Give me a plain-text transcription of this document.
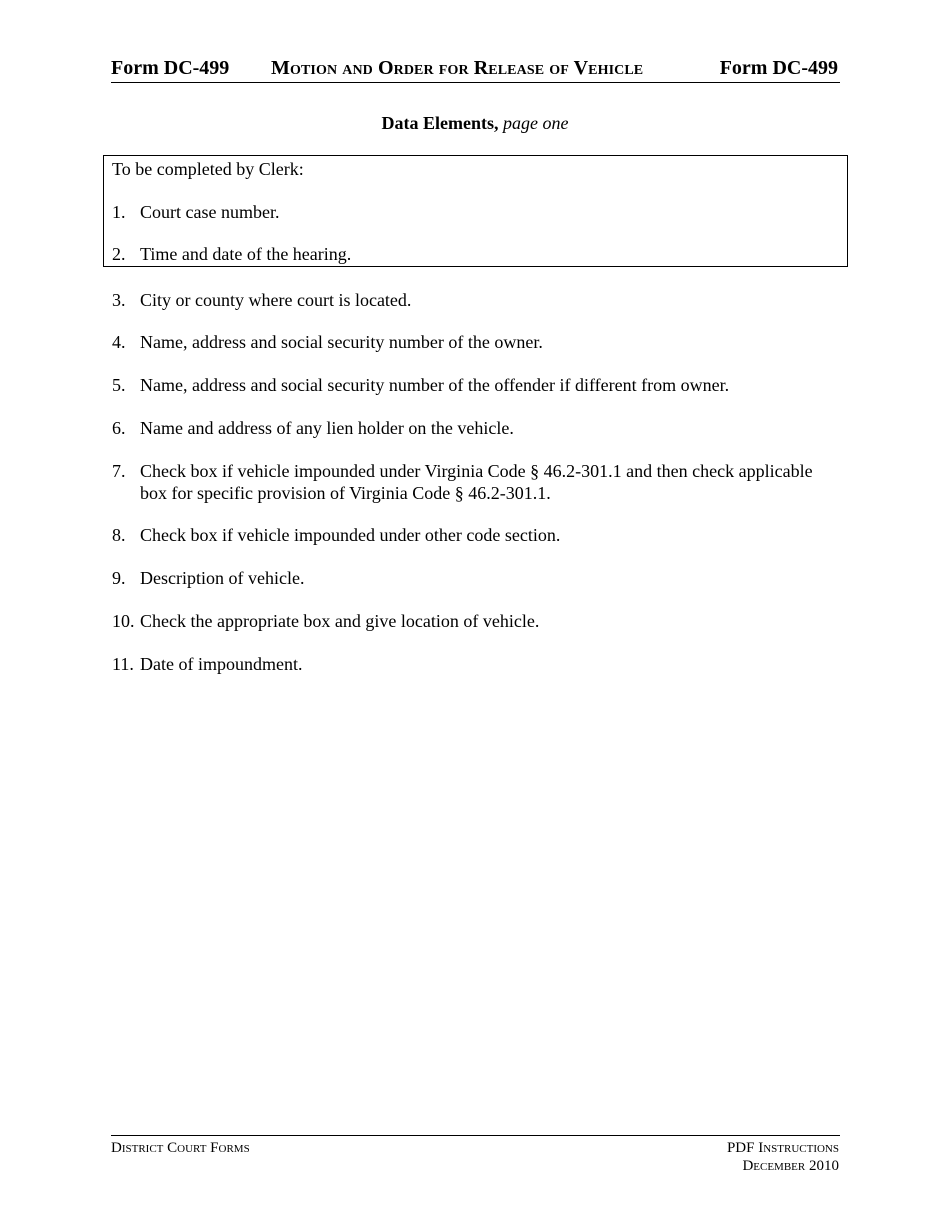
Form DC-499 Motion and Order for Release of Vehicle	Form DC-499
Data Elements, page one
To be completed by Clerk:
1. Court case number.
2. Time and date of the hearing.
3. City or county where court is located.
4. Name, address and social security number of the owner.
5. Name, address and social security number of the offender if different from owner.
6. Name and address of any lien holder on the vehicle.
7. Check box if vehicle impounded under Virginia Code § 46.2-301.1 and then check applicable
box for specific provision of Virginia Code § 46.2-301.1.
8. Check box if vehicle impounded under other code section.
9. Description of vehicle.
10. Check the appropriate box and give location of vehicle.
11. Date of impoundment.
District Court Forms	PDF Instructions
December 2010
